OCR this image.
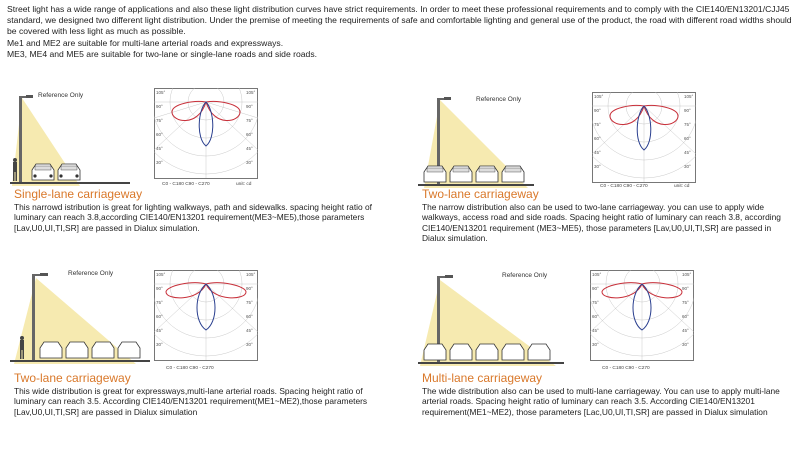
Street light has a wide range of applications and also these light distribution curves have strict requirements. In order to meet these professional requirements and to comply with the CIE140/EN13201/CJJ45 standard, we designed two different light distribution. Under the premise of meeting the requirements of safe and comfortable lighting and general use of the product, the road with different road widths should be covered with less light as much as possible.

Me1 and ME2 are suitable for multi-lane arterial roads and expressways.

ME3, ME4 and ME5 are suitable for two-lane or single-lane roads and side roads.

Reference Only	105°	105°
90°	90°
75°	75°
60°	60°
45°	45°
30°	30°
C0 - C180 C90 - C270	unit: cd
Single-lane carriageway

This narrowd istribution is great for lighting walkways, path and sidewalks. spacing height ratio of luminary can reach 3.8,according CIE140/EN13201 requirement(ME3~ME5),those parameters [Lav,U0,UI,TI,SR] are passed in Dialux simulation.

Reference Only	105°	105°
90°	90°
75°	75°
60°	60°
45°	45°
30°	30°
C0 - C180 C90 - C270	unit: cd
Two-lane carriageway

The narrow distribution also can be used to two-lane carriageway. you can use to apply wide walkways, access road and side roads. Spacing height ratio of luminary can reach 3.8, according CIE140/EN13201 requirement (ME3~ME5), those parameters [Lav,U0,UI,TI,SR] are passed in Dialux simulation.

Reference Only	105°	105°
90°	90°
75°	75°
60°	60°
45°	45°
30°	30°
C0 - C180 C90 - C270
Two-lane carriageway

This wide distribution is great for expressways,multi-lane arterial roads. Spacing height ratio of luminary can reach 3.5. According CIE140/EN13201 requirement(ME1~ME2),those parameters [Lav,U0,UI,TI,SR] are passed in Dialux simulation

Reference Only	105°	105°
90°	90°
75°	75°
60°	60°
45°	45°
30°	30°
C0 - C180 C90 - C270
Multi-lane carriageway

The wide distribution also can be used to multi-lane carriageway. You can use to apply multi-lane arterial roads. Spacing height ratio of luminary can reach 3.5. According CIE140/EN13201 requirement(ME1~ME2), those parameters [Lac,U0,UI,TI,SR] are passed in Dialux simulation
